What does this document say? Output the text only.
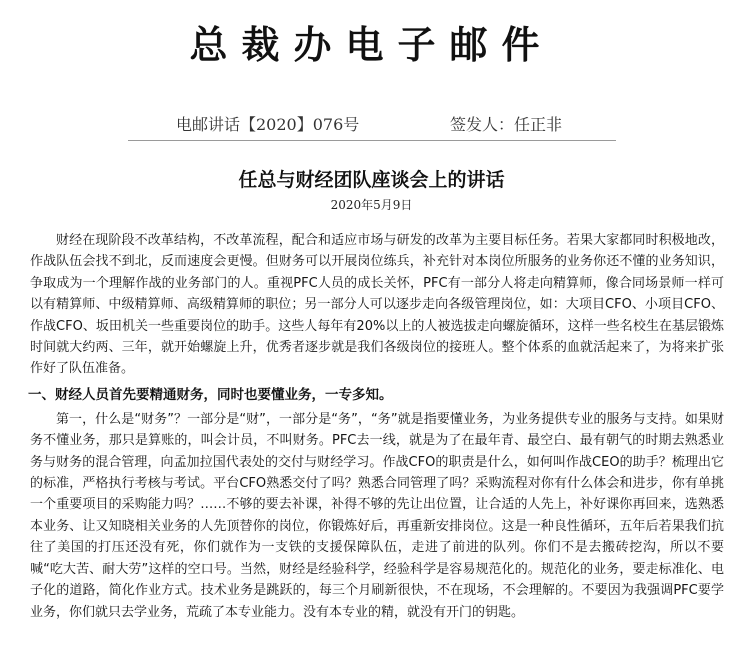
总裁办电子邮件
电邮讲话【2020】076号	签发人：任正非
任总与财经团队座谈会上的讲话
2020年5月9日

财经在现阶段不改革结构，不改革流程，配合和适应市场与研发的改革为主要目标任务。若果大家都同时积极地改，作战队伍会找不到北，反而速度会更慢。但财务可以开展岗位练兵，补充针对本岗位所服务的业务你还不懂的业务知识，争取成为一个理解作战的业务部门的人。重视PFC人员的成长关怀，PFC有一部分人将走向精算师，像合同场景师一样可以有精算师、中级精算师、高级精算师的职位；另一部分人可以逐步走向各级管理岗位，如：大项目CFO、小项目CFO、作战CFO、坂田机关一些重要岗位的助手。这些人每年有20%以上的人被选拔走向螺旋循环，这样一些名校生在基层锻炼时间就大约两、三年，就开始螺旋上升，优秀者逐步就是我们各级岗位的接班人。整个体系的血就活起来了，为将来扩张作好了队伍准备。

一、财经人员首先要精通财务，同时也要懂业务，一专多知。

第一，什么是“财务”？一部分是“财”，一部分是“务”，“务”就是指要懂业务，为业务提供专业的服务与支持。如果财务不懂业务，那只是算账的，叫会计员，不叫财务。PFC去一线，就是为了在最年青、最空白、最有朝气的时期去熟悉业务与财务的混合管理，向孟加拉国代表处的交付与财经学习。作战CFO的职责是什么，如何叫作战CEO的助手？梳理出它的标准，严格执行考核与考试。平台CFO熟悉交付了吗？熟悉合同管理了吗？采购流程对你有什么体会和进步，你有单挑一个重要项目的采购能力吗？……不够的要去补课，补得不够的先让出位置，让合适的人先上，补好课你再回来，选熟悉本业务、让又知晓相关业务的人先顶替你的岗位，你锻炼好后，再重新安排岗位。这是一种良性循环，五年后若果我们抗往了美国的打压还没有死，你们就作为一支铁的支援保障队伍，走进了前进的队列。你们不是去搬砖挖沟，所以不要喊“吃大苦、耐大劳”这样的空口号。当然，财经是经验科学，经验科学是容易规范化的。规范化的业务，要走标准化、电子化的道路，简化作业方式。技术业务是跳跃的，每三个月刷新很快，不在现场，不会理解的。不要因为我强调PFC要学业务，你们就只去学业务，荒疏了本专业能力。没有本专业的精，就没有开门的钥匙。
